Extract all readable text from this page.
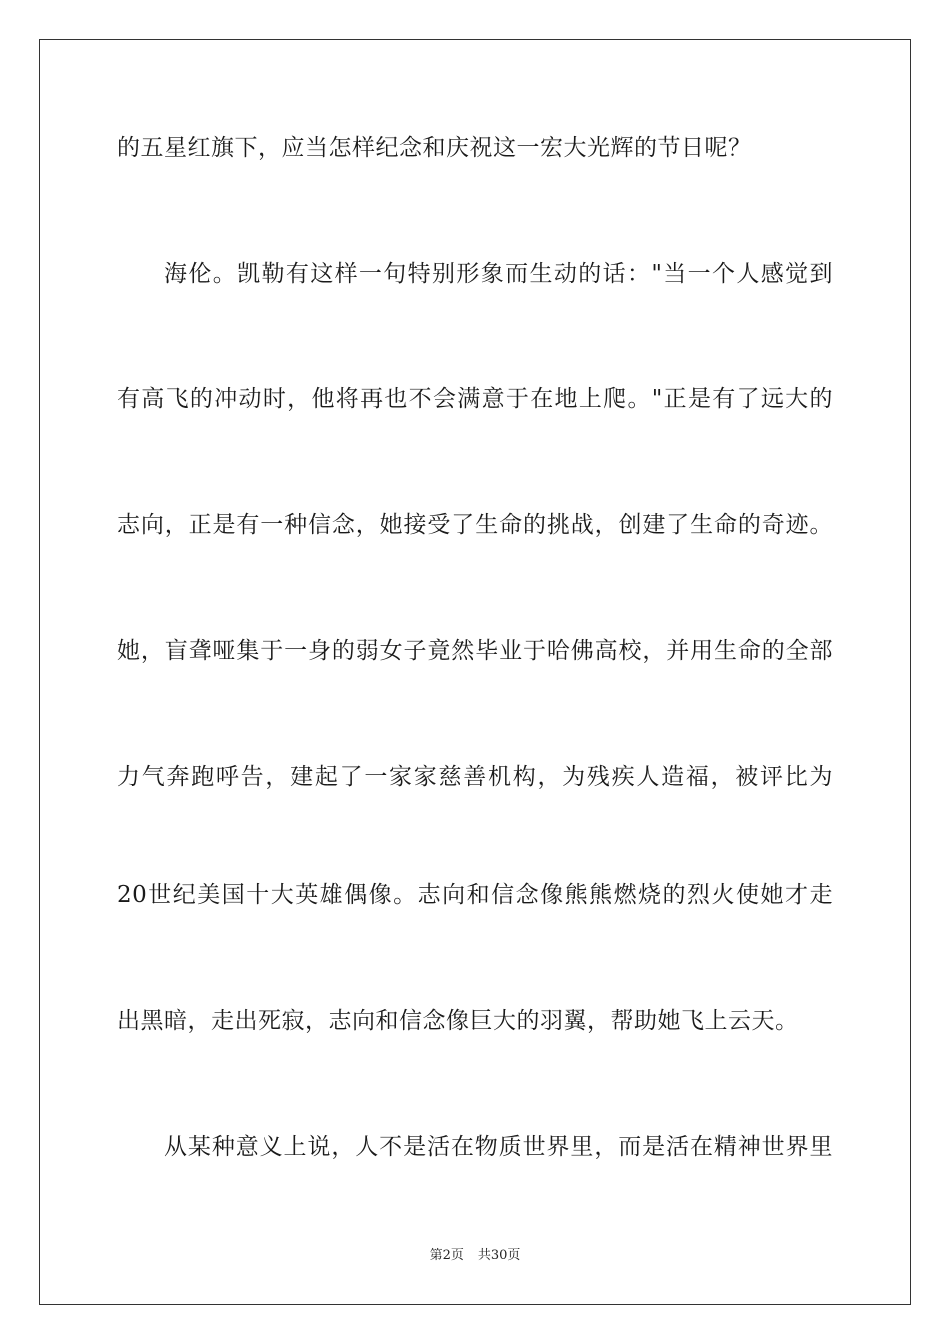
的五星红旗下，应当怎样纪念和庆祝这一宏大光辉的节日呢？
海伦。凯勒有这样一句特别形象而生动的话："当一个人感觉到
有高飞的冲动时，他将再也不会满意于在地上爬。"正是有了远大的
志向，正是有一种信念，她接受了生命的挑战，创建了生命的奇迹。
她，盲聋哑集于一身的弱女子竟然毕业于哈佛高校，并用生命的全部
力气奔跑呼告，建起了一家家慈善机构，为残疾人造福，被评比为
20世纪美国十大英雄偶像。志向和信念像熊熊燃烧的烈火使她才走
出黑暗，走出死寂，志向和信念像巨大的羽翼，帮助她飞上云天。
从某种意义上说，人不是活在物质世界里，而是活在精神世界里
第2页 共30页
